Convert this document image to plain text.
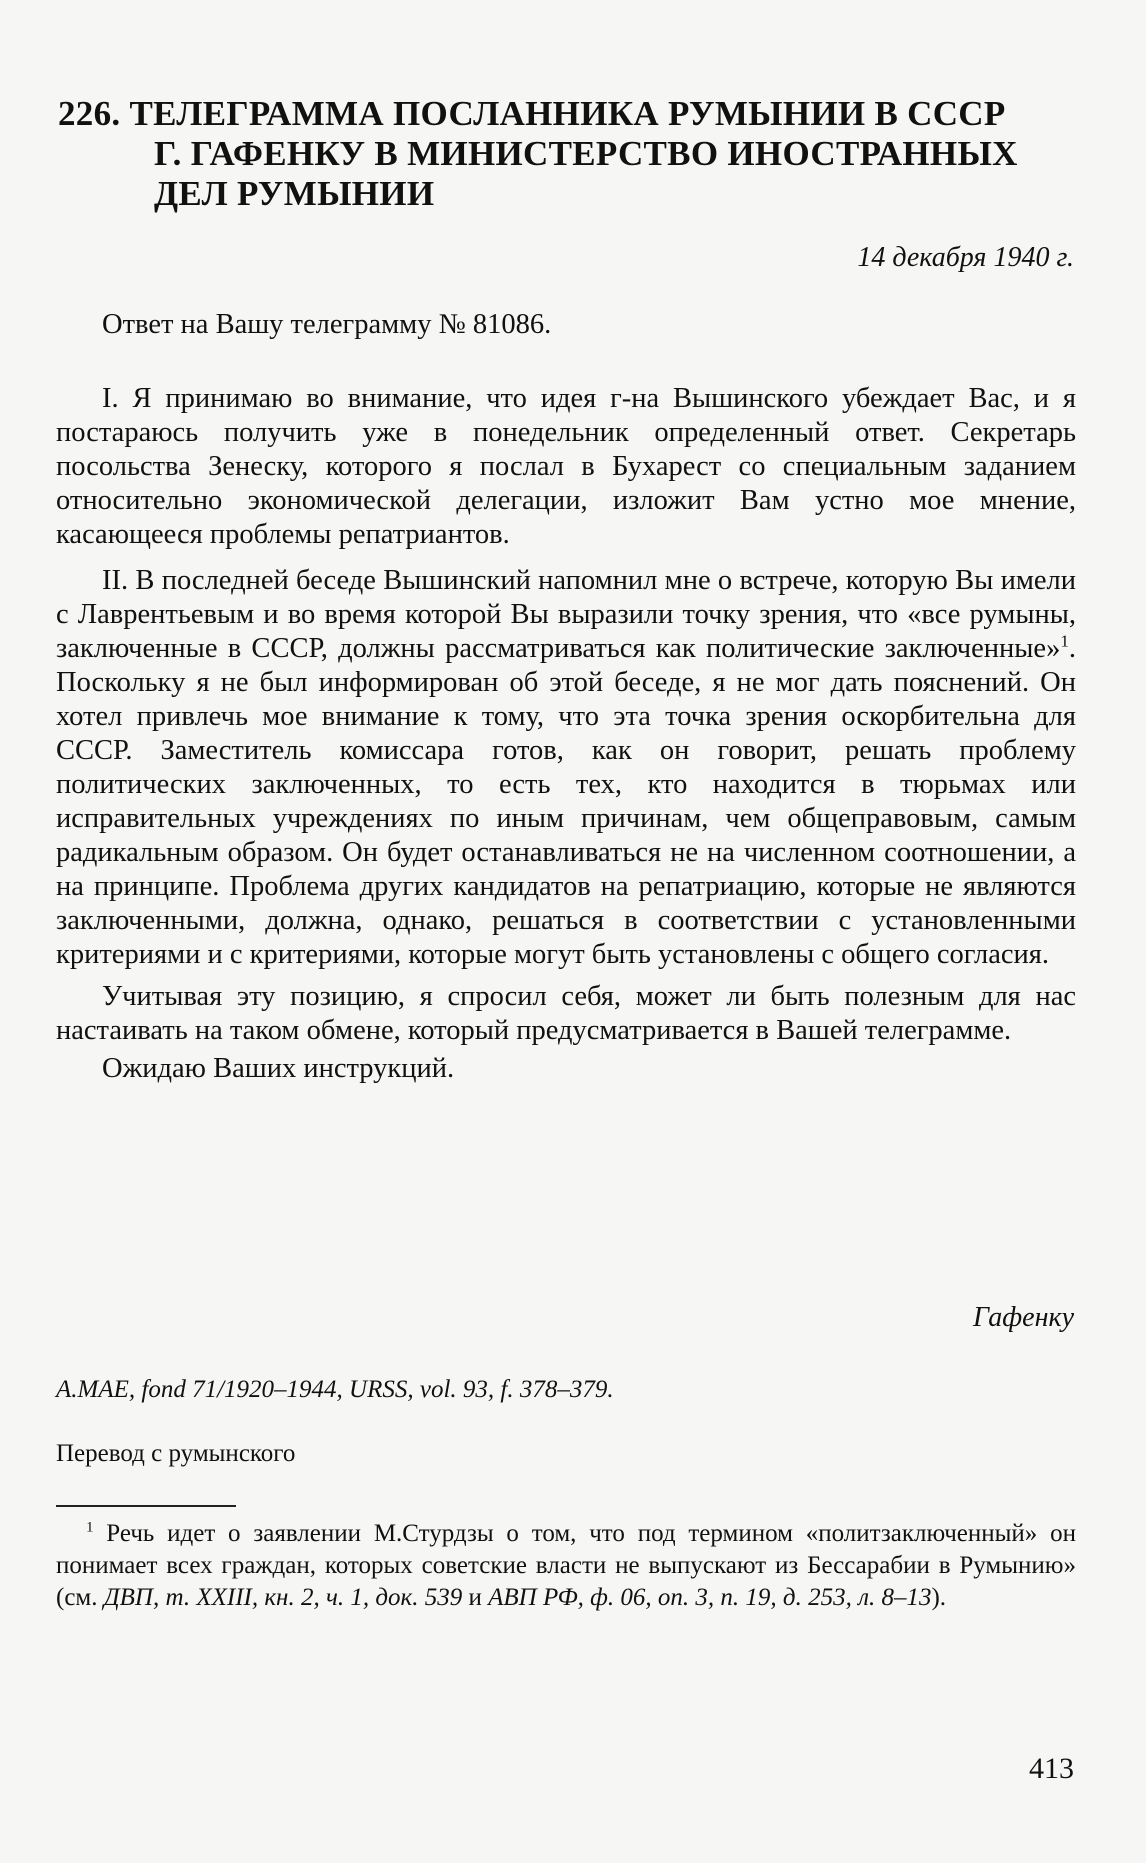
226. ТЕЛЕГРАММА ПОСЛАННИКА РУМЫНИИ В СССР
Г. ГАФЕНКУ В МИНИСТЕРСТВО ИНОСТРАННЫХ
ДЕЛ РУМЫНИИ
14 декабря 1940 г.

Ответ на Вашу телеграмму № 81086.

I. Я принимаю во внимание, что идея г-на Вышинского убеждает Вас, и я постараюсь получить уже в понедельник определенный ответ. Секретарь посольства Зенеску, которого я послал в Бухарест со специальным заданием относительно экономической делегации, изложит Вам устно мое мнение, касающееся проблемы репатриантов.

II. В последней беседе Вышинский напомнил мне о встрече, которую Вы имели с Лаврентьевым и во время которой Вы выразили точку зрения, что «все румыны, заключенные в СССР, должны рассматриваться как политические заключенные»$^1$. Поскольку я не был информирован об этой беседе, я не мог дать пояснений. Он хотел привлечь мое внимание к тому, что эта точка зрения оскорбительна для СССР. Заместитель комиссара готов, как он говорит, решать проблему политических заключенных, то есть тех, кто находится в тюрьмах или исправительных учреждениях по иным причинам, чем общеправовым, самым радикальным образом. Он будет останавливаться не на численном соотношении, а на принципе. Проблема других кандидатов на репатриацию, которые не являются заключенными, должна, однако, решаться в соответствии с установленными критериями и с критериями, которые могут быть установлены с общего согласия.

Учитывая эту позицию, я спросил себя, может ли быть полезным для нас настаивать на таком обмене, который предусматривается в Вашей телеграмме.

Ожидаю Ваших инструкций.

Гафенку
A.MAE, fond 71/1920–1944, URSS, vol. 93, f. 378–379.
Перевод с румынского
$^1$ Речь идет о заявлении М.Стурдзы о том, что под термином «политзаключенный» он понимает всех граждан, которых советские власти не выпускают из Бессарабии в Румынию» (см. ДВП, т. XXIII, кн. 2, ч. 1, док. 539 и АВП РФ, ф. 06, оп. 3, п. 19, д. 253, л. 8–13).
413
